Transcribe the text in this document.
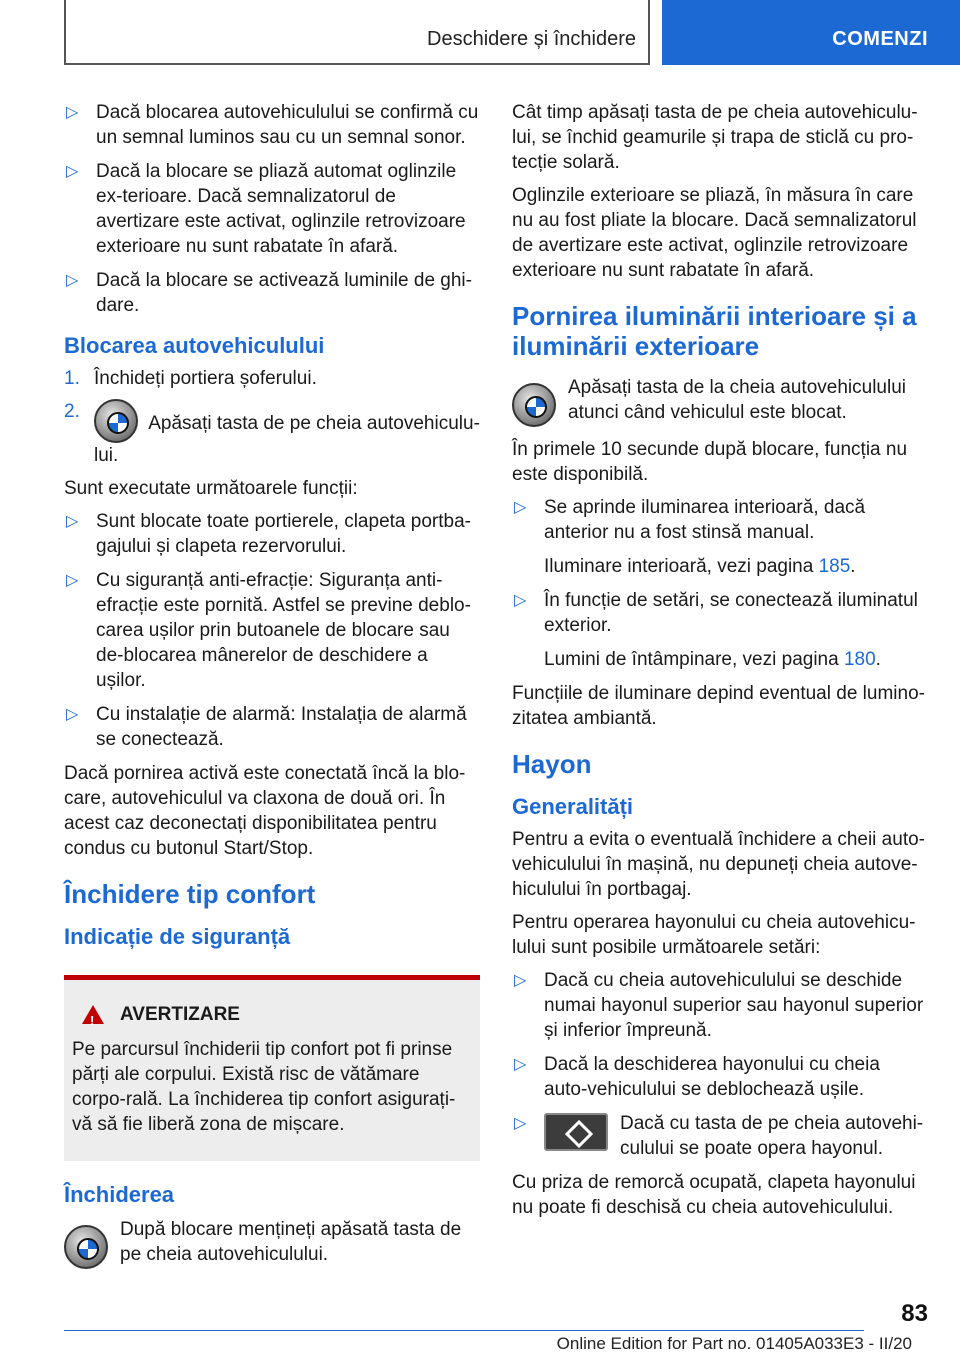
Deschidere și închidere	COMENZI
▷ Dacă blocarea autovehiculului se confirmă cu un semnal luminos sau cu un semnal sonor.
▷ Dacă la blocare se pliază automat oglinzile ex-terioare. Dacă semnalizatorul de avertizare este activat, oglinzile retrovizoare exterioare nu sunt rabatate în afară.
▷ Dacă la blocare se activează luminile de ghi-dare.
Blocarea autovehiculului
1. Închideți portiera șoferului.
2.
Apăsați tasta de pe cheia autovehiculu-lui.

Sunt executate următoarele funcții:

▷ Sunt blocate toate portierele, clapeta portba-gajului și clapeta rezervorului.
▷ Cu siguranță anti-efracție: Siguranța anti-efracție este pornită. Astfel se previne deblo-carea ușilor prin butoanele de blocare sau de-blocarea mânerelor de deschidere a ușilor.
▷ Cu instalație de alarmă: Instalația de alarmă se conectează.

Dacă pornirea activă este conectată încă la blo-care, autovehiculul va claxona de două ori. În acest caz deconectați disponibilitatea pentru condus cu butonul Start/Stop.

Închidere tip confort
Indicație de siguranță
!
AVERTIZARE
Pe parcursul închiderii tip confort pot fi prinse părți ale corpului. Există risc de vătămare corpo-rală. La închiderea tip confort asigurați-vă să fie liberă zona de mișcare.
Închiderea
După blocare mențineți apăsată tasta de pe cheia autovehiculului.

Cât timp apăsați tasta de pe cheia autovehiculu-lui, se închid geamurile și trapa de sticlă cu pro-tecție solară.

Oglinzile exterioare se pliază, în măsura în care nu au fost pliate la blocare. Dacă semnalizatorul de avertizare este activat, oglinzile retrovizoare exterioare nu sunt rabatate în afară.

Pornirea iluminării interioare și a iluminării exterioare
Apăsați tasta de la cheia autovehiculului atunci când vehiculul este blocat.

În primele 10 secunde după blocare, funcția nu este disponibilă.

▷ Se aprinde iluminarea interioară, dacă anterior nu a fost stinsă manual.
Iluminare interioară, vezi pagina 185.
▷ În funcție de setări, se conectează iluminatul exterior.
Lumini de întâmpinare, vezi pagina 180.

Funcțiile de iluminare depind eventual de lumino-zitatea ambiantă.

Hayon
Generalități

Pentru a evita o eventuală închidere a cheii auto-vehiculului în mașină, nu depuneți cheia autove-hiculului în portbagaj.

Pentru operarea hayonului cu cheia autovehicu-lului sunt posibile următoarele setări:

▷ Dacă cu cheia autovehiculului se deschide numai hayonul superior sau hayonul superior și inferior împreună.
▷ Dacă la deschiderea hayonului cu cheia auto-vehiculului se deblochează ușile.
▷	Dacă cu tasta de pe cheia autovehi-culului se poate opera hayonul.

Cu priza de remorcă ocupată, clapeta hayonului nu poate fi deschisă cu cheia autovehiculului.

83
Online Edition for Part no. 01405A033E3 - II/20
